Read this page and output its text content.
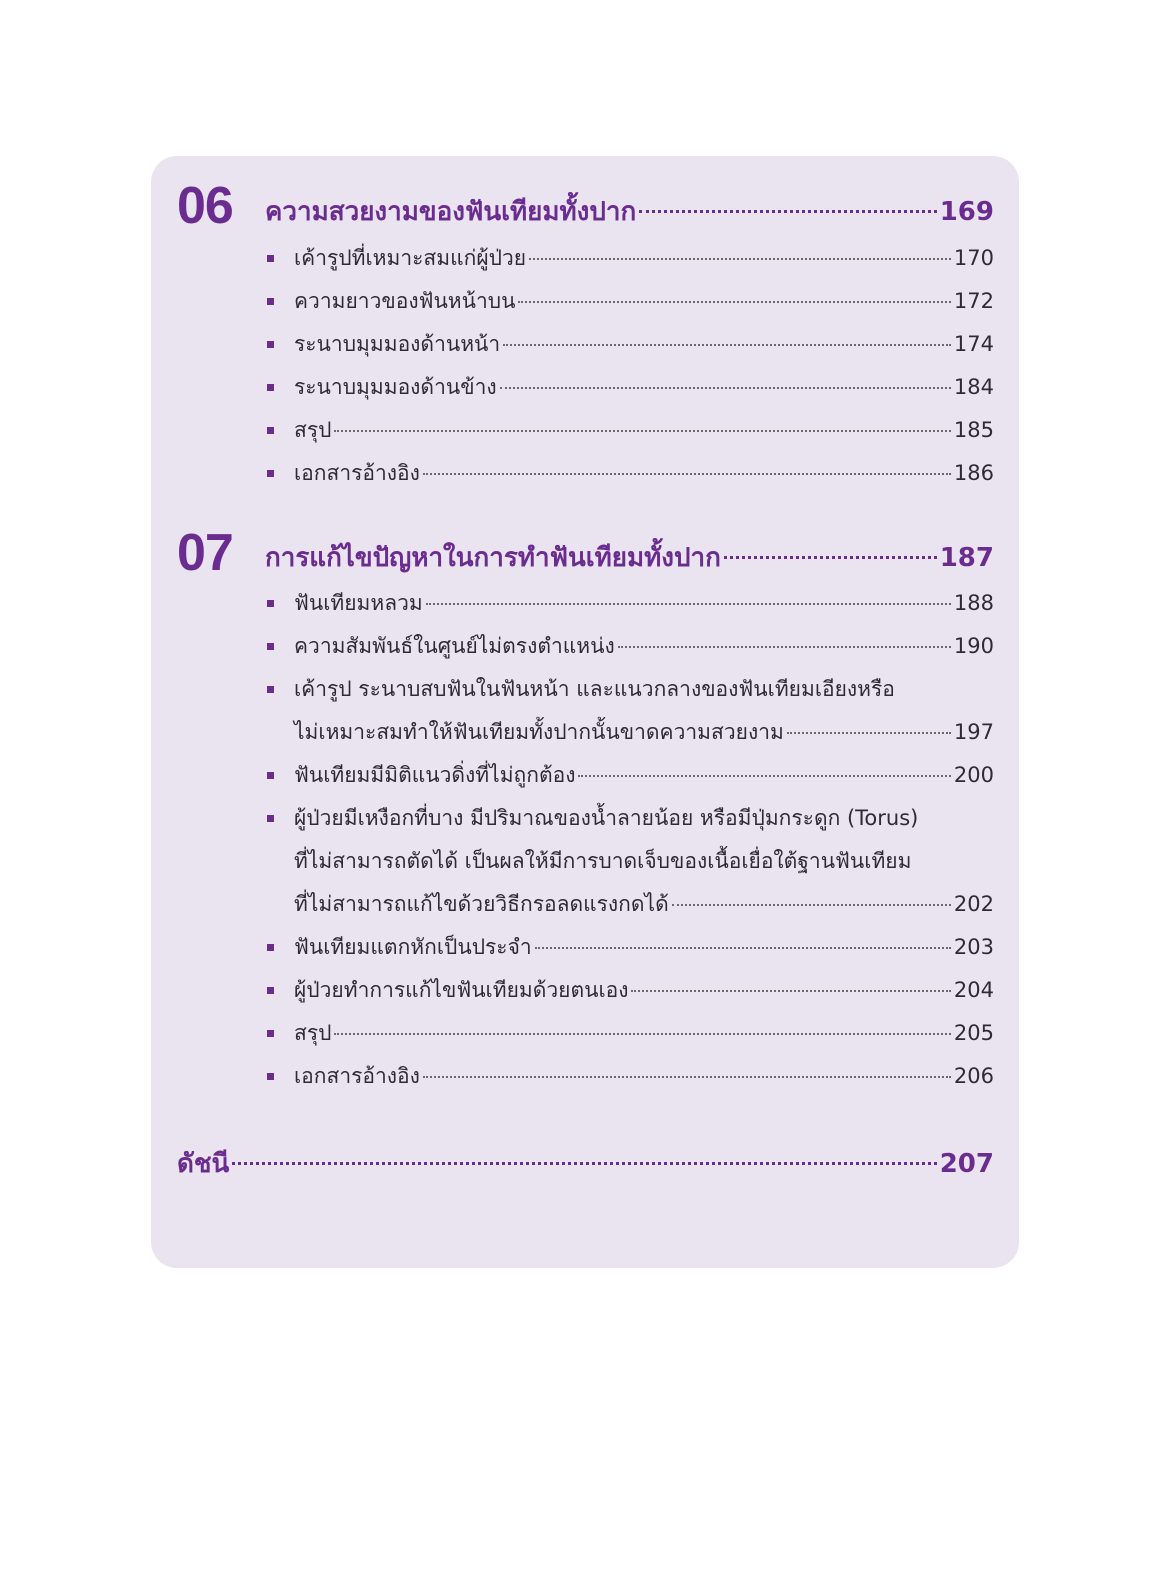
06 ความสวยงามของฟันเทียมทั้งปาก	169
เค้ารูปที่เหมาะสมแก่ผู้ป่วย	170
ความยาวของฟันหน้าบน	172
ระนาบมุมมองด้านหน้า	174
ระนาบมุมมองด้านข้าง	184
สรุป	185
เอกสารอ้างอิง	186
07 การแก้ไขปัญหาในการทำฟันเทียมทั้งปาก	187
ฟันเทียมหลวม	188
ความสัมพันธ์ในศูนย์ไม่ตรงตำแหน่ง	190
เค้ารูป ระนาบสบฟันในฟันหน้า และแนวกลางของฟันเทียมเอียงหรือ
ไม่เหมาะสมทำให้ฟันเทียมทั้งปากนั้นขาดความสวยงาม	197
ฟันเทียมมีมิติแนวดิ่งที่ไม่ถูกต้อง	200
ผู้ป่วยมีเหงือกที่บาง มีปริมาณของน้ำลายน้อย หรือมีปุ่มกระดูก (Torus)
ที่ไม่สามารถตัดได้ เป็นผลให้มีการบาดเจ็บของเนื้อเยื่อใต้ฐานฟันเทียม
ที่ไม่สามารถแก้ไขด้วยวิธีกรอลดแรงกดได้	202
ฟันเทียมแตกหักเป็นประจำ	203
ผู้ป่วยทำการแก้ไขฟันเทียมด้วยตนเอง	204
สรุป	205
เอกสารอ้างอิง	206
ดัชนี	207
